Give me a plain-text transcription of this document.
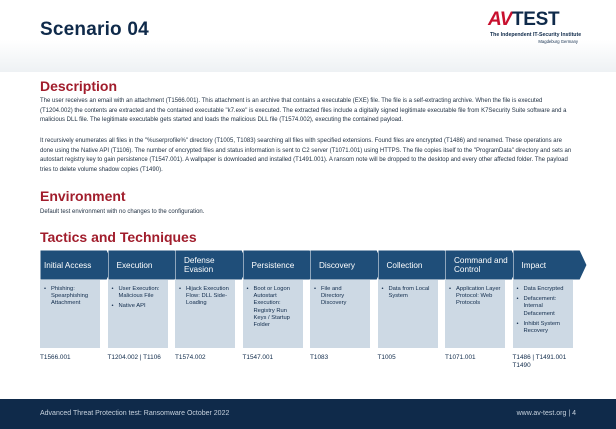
Scenario 04	AV TEST
The Independent IT-Security Institute
Magdeburg Germany
Description

The user receives an email with an attachment (T1566.001). This attachment is an archive that contains a executable (EXE) file. The file is a self-extracting archive. When the file is executed (T1204.002) the contents are extracted and the contained executable "k7.exe" is executed. The extracted files include a digitally signed legitimate executable file from K7Security Suite software and a malicious DLL file. The legitimate executable gets started and loads the malicious DLL file (T1574.002), executing the contained payload.

It recursively enumerates all files in the "%userprofile%" directory (T1005, T1083) searching all files with specified extensions. Found files are encrypted (T1486) and renamed. These operations are done using the Native API (T1106). The number of encrypted files and status information is sent to C2 server (T1071.001) using HTTPS. The file copies itself to the "ProgramData" directory and sets an autostart registry key to gain persistence (T1547.001). A wallpaper is downloaded and installed (T1491.001). A ransom note will be dropped to the desktop and every other affected folder. The payload tries to delete volume shadow copies (T1490).

Environment

Default test environment with no changes to the configuration.

Tactics and Techniques
Initial Access
• Phishing: Spearphishing Attachment
T1566.001
Execution
• User Execution: Malicious File
• Native API
T1204.002 | T1106
Defense Evasion
• Hijack Execution Flow: DLL Side-Loading
T1574.002
Persistence
• Boot or Logon Autostart Execution: Registry Run Keys / Startup Folder
T1547.001
Discovery
• File and Directory Discovery
T1083
Collection
• Data from Local System
T1005
Command and Control
• Application Layer Protocol: Web Protocols
T1071.001
Impact
• Data Encrypted
• Defacement: Internal Defacement
• Inhibit System Recovery
T1486 | T1491.001 T1490
Advanced Threat Protection test: Ransomware October 2022	www.av-test.org | 4
